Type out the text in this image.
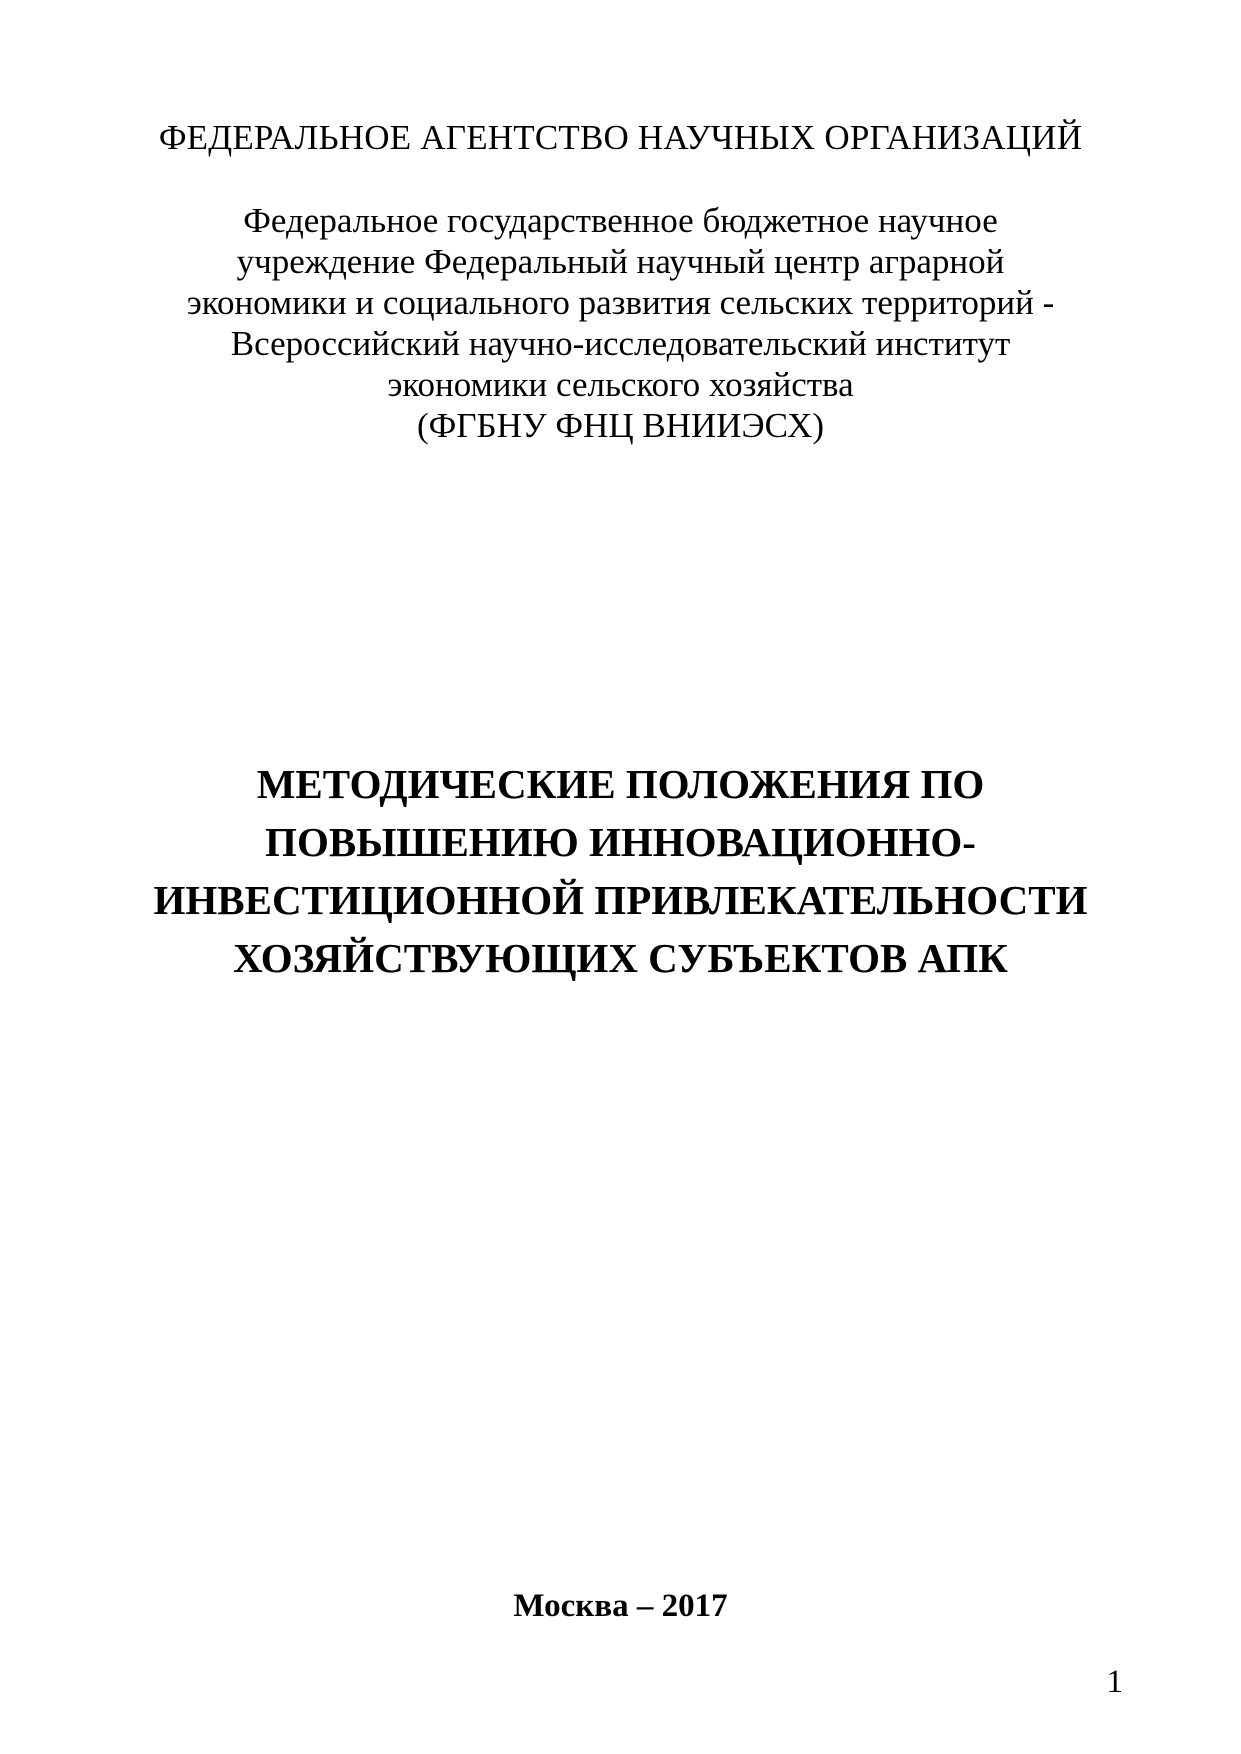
ФЕДЕРАЛЬНОЕ АГЕНТСТВО НАУЧНЫХ ОРГАНИЗАЦИЙ
Федеральное государственное бюджетное научное
учреждение Федеральный научный центр аграрной
экономики и социального развития сельских территорий -
Всероссийский научно-исследовательский институт
экономики сельского хозяйства
(ФГБНУ ФНЦ ВНИИЭСХ)
МЕТОДИЧЕСКИЕ ПОЛОЖЕНИЯ ПО
ПОВЫШЕНИЮ ИННОВАЦИОННО-
ИНВЕСТИЦИОННОЙ ПРИВЛЕКАТЕЛЬНОСТИ
ХОЗЯЙСТВУЮЩИХ СУБЪЕКТОВ АПК
Москва – 2017
1
